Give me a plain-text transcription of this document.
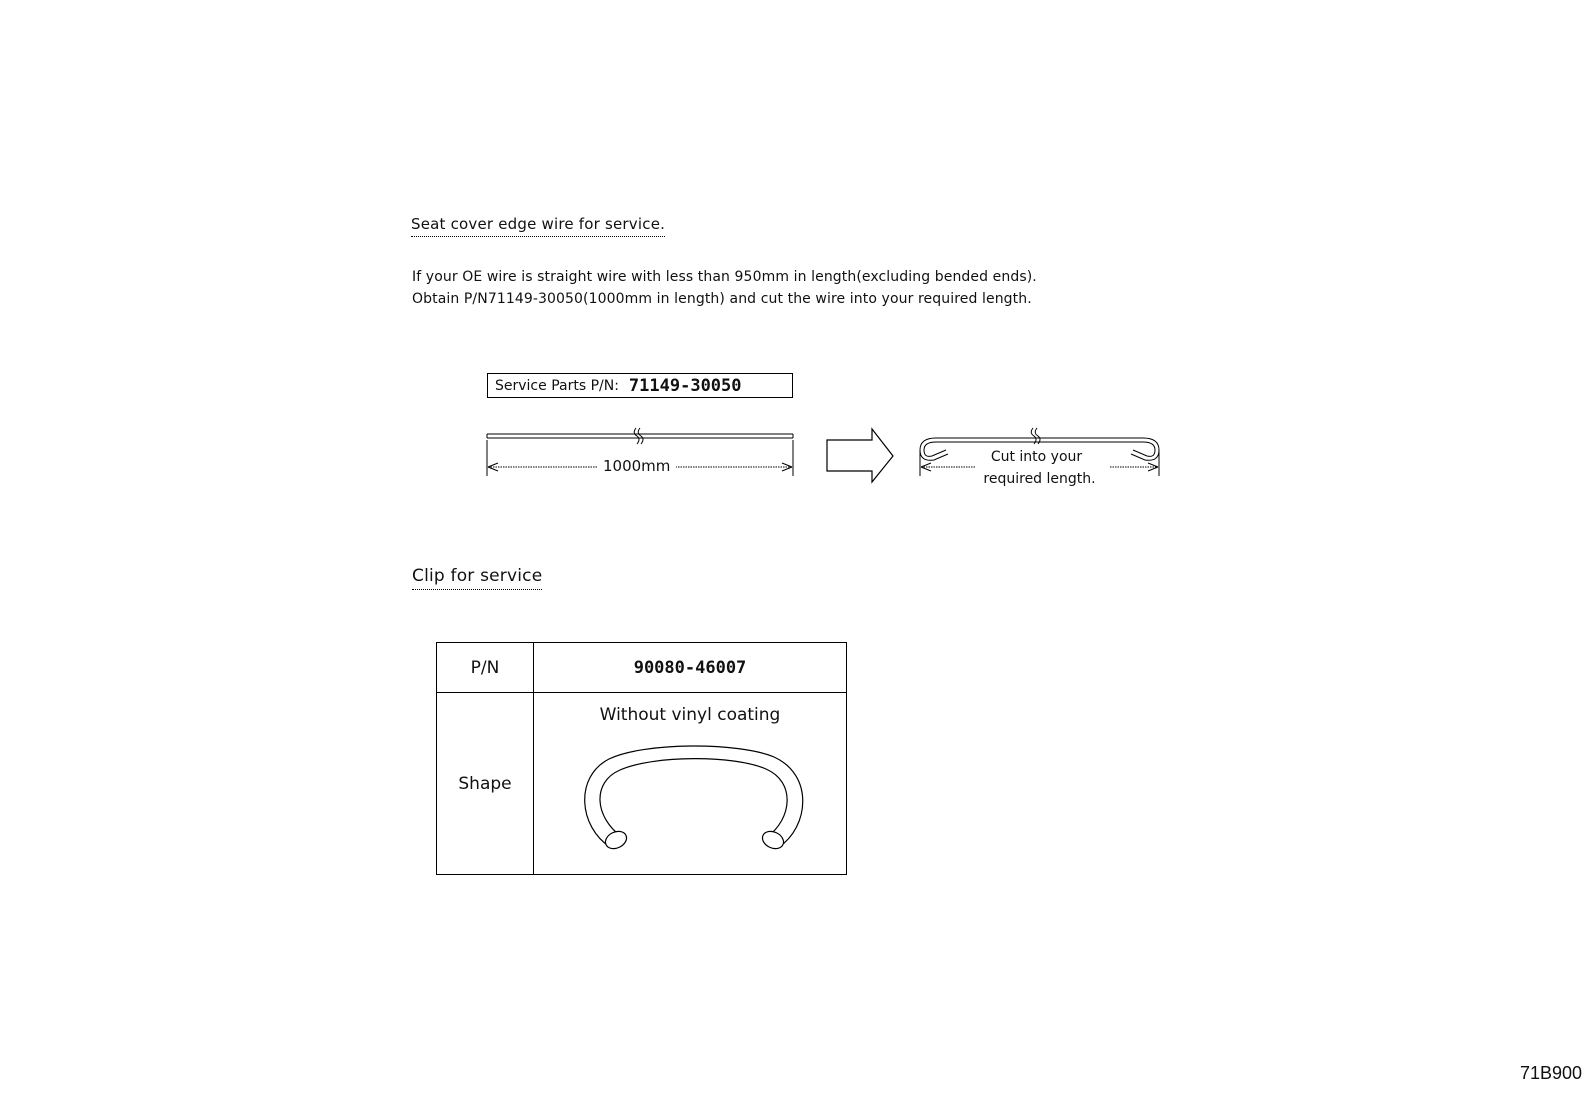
Seat cover edge wire for service.
If your OE wire is straight wire with less than 950mm in length(excluding bended ends).
Obtain P/N71149-30050(1000mm in length) and cut the wire into your required length.
Service Parts P/N: 71149-30050
1000mm	Cut into your
required length.
Clip for service
P/N	90080-46007
Shape	Without vinyl coating
71B900
